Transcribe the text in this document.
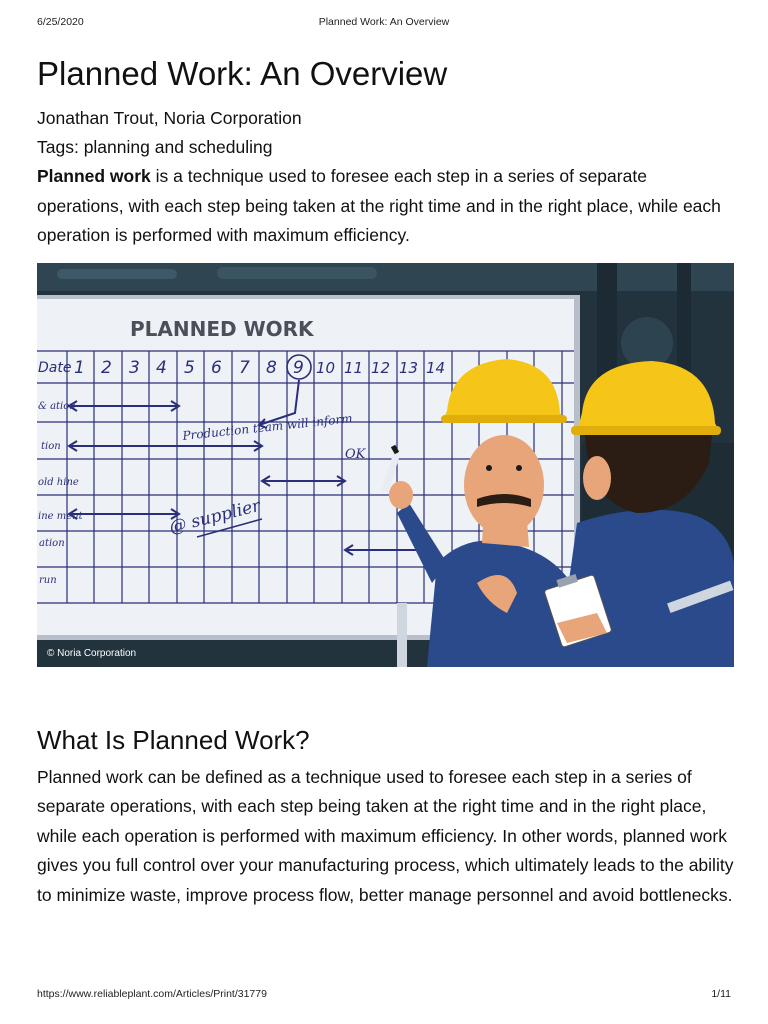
6/25/2020	Planned Work: An Overview
Planned Work: An Overview
Jonathan Trout, Noria Corporation
Tags: planning and scheduling

Planned work is a technique used to foresee each step in a series of separate operations, with each step being taken at the right time and in the right place, while each operation is performed with maximum efficiency.

PLANNED WORK
Date 1 2 3 4 5 6 7 8 9 10 11 12 13 14
& ation
tion
old hine
ine ment
ation
run
Production team will inform
OK
@ supplier
© Noria Corporation
What Is Planned Work?

Planned work can be defined as a technique used to foresee each step in a series of separate operations, with each step being taken at the right time and in the right place, while each operation is performed with maximum efficiency. In other words, planned work gives you full control over your manufacturing process, which ultimately leads to the ability to minimize waste, improve process flow, better manage personnel and avoid bottlenecks.

https://www.reliableplant.com/Articles/Print/31779	1/11
